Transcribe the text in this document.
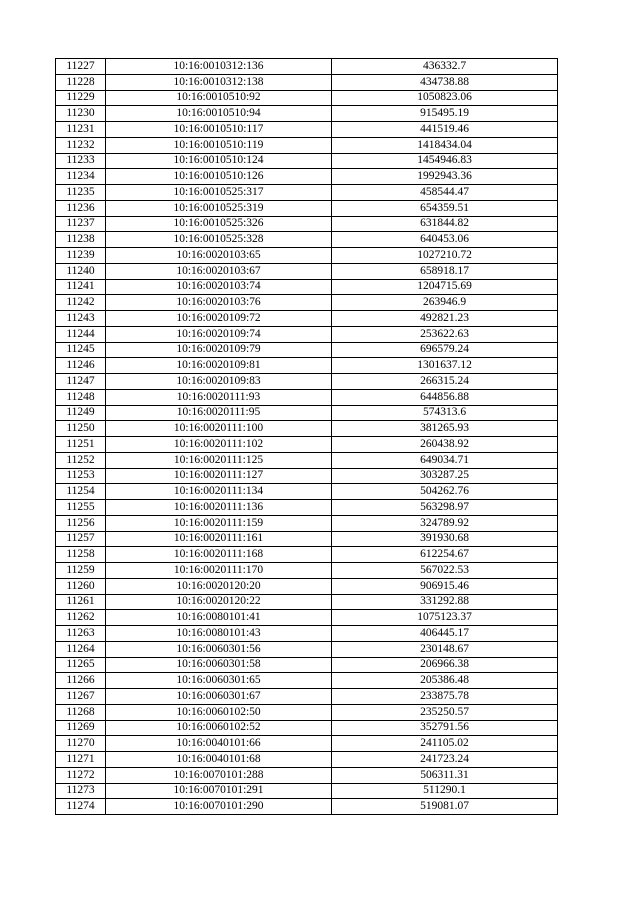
11227	10:16:0010312:136	436332.7
11228	10:16:0010312:138	434738.88
11229	10:16:0010510:92	1050823.06
11230	10:16:0010510:94	915495.19
11231	10:16:0010510:117	441519.46
11232	10:16:0010510:119	1418434.04
11233	10:16:0010510:124	1454946.83
11234	10:16:0010510:126	1992943.36
11235	10:16:0010525:317	458544.47
11236	10:16:0010525:319	654359.51
11237	10:16:0010525:326	631844.82
11238	10:16:0010525:328	640453.06
11239	10:16:0020103:65	1027210.72
11240	10:16:0020103:67	658918.17
11241	10:16:0020103:74	1204715.69
11242	10:16:0020103:76	263946.9
11243	10:16:0020109:72	492821.23
11244	10:16:0020109:74	253622.63
11245	10:16:0020109:79	696579.24
11246	10:16:0020109:81	1301637.12
11247	10:16:0020109:83	266315.24
11248	10:16:0020111:93	644856.88
11249	10:16:0020111:95	574313.6
11250	10:16:0020111:100	381265.93
11251	10:16:0020111:102	260438.92
11252	10:16:0020111:125	649034.71
11253	10:16:0020111:127	303287.25
11254	10:16:0020111:134	504262.76
11255	10:16:0020111:136	563298.97
11256	10:16:0020111:159	324789.92
11257	10:16:0020111:161	391930.68
11258	10:16:0020111:168	612254.67
11259	10:16:0020111:170	567022.53
11260	10:16:0020120:20	906915.46
11261	10:16:0020120:22	331292.88
11262	10:16:0080101:41	1075123.37
11263	10:16:0080101:43	406445.17
11264	10:16:0060301:56	230148.67
11265	10:16:0060301:58	206966.38
11266	10:16:0060301:65	205386.48
11267	10:16:0060301:67	233875.78
11268	10:16:0060102:50	235250.57
11269	10:16:0060102:52	352791.56
11270	10:16:0040101:66	241105.02
11271	10:16:0040101:68	241723.24
11272	10:16:0070101:288	506311.31
11273	10:16:0070101:291	511290.1
11274	10:16:0070101:290	519081.07
